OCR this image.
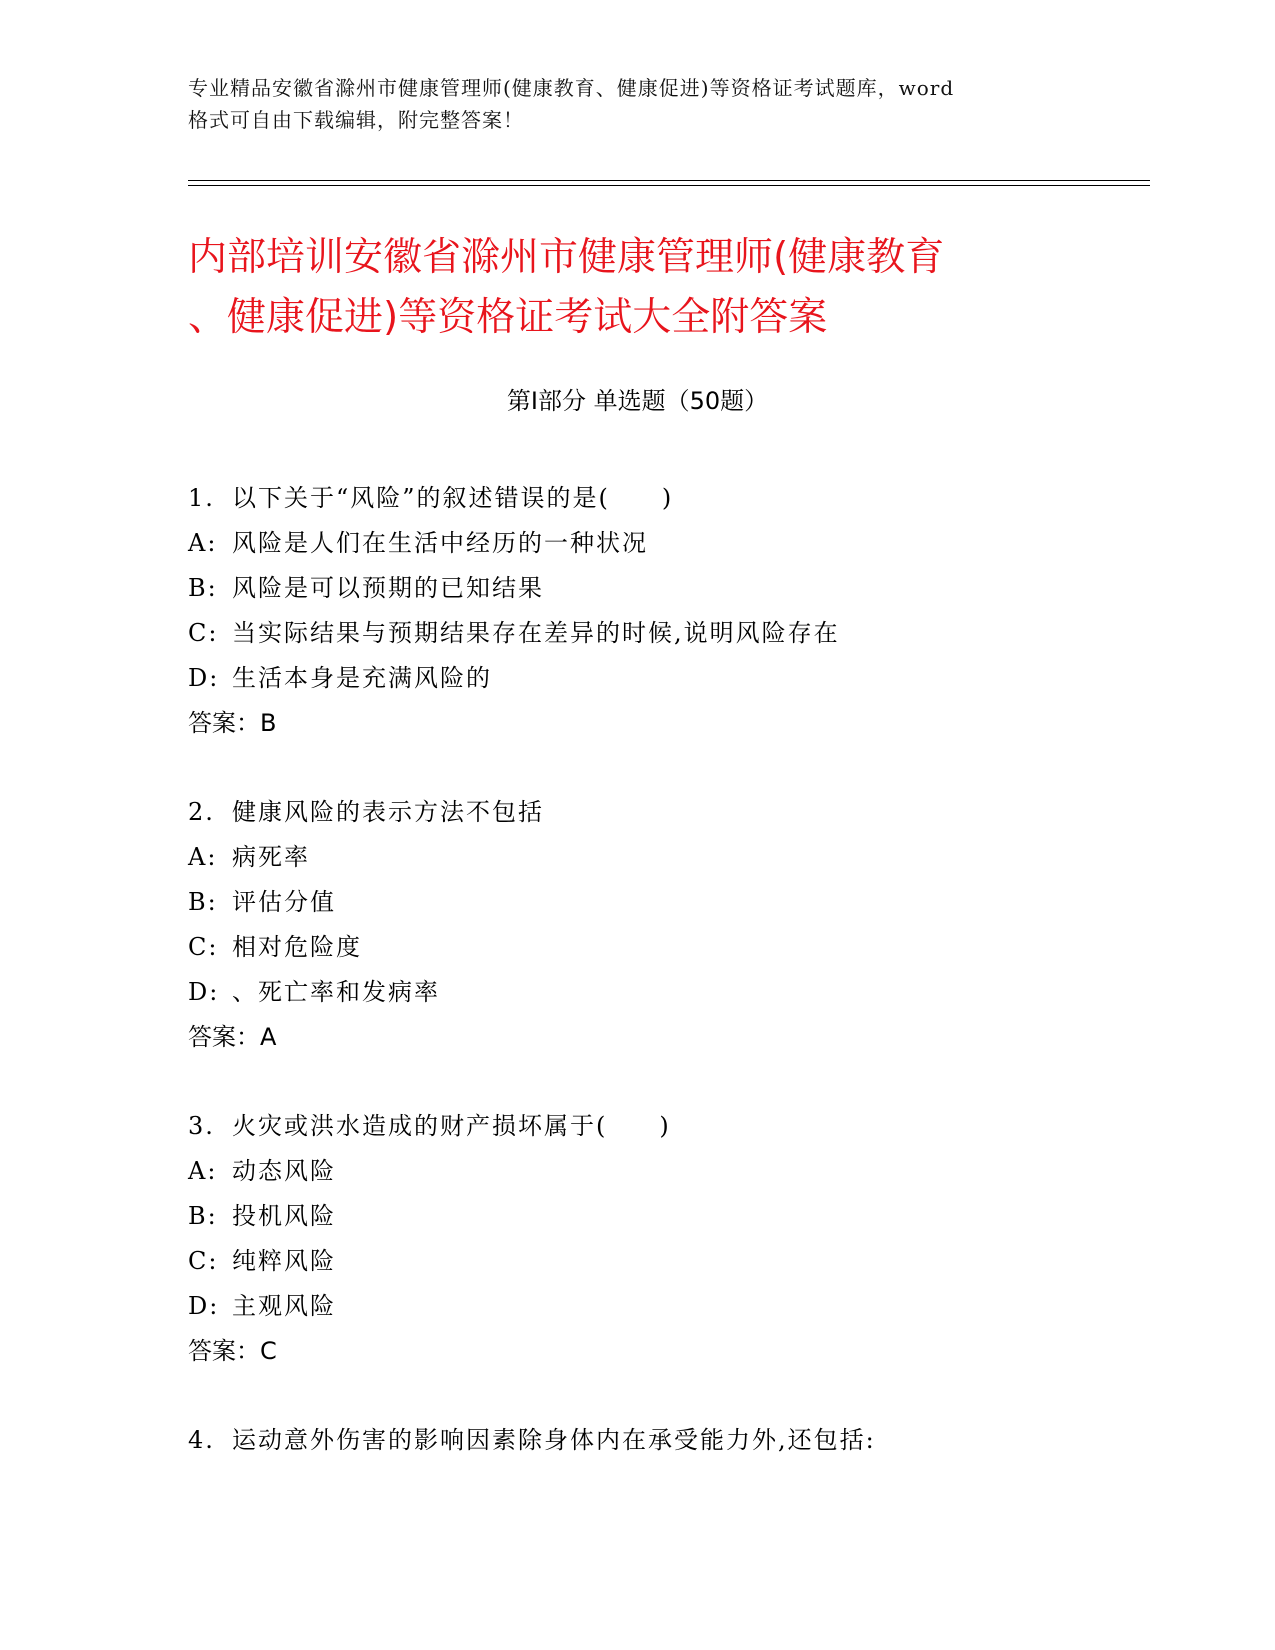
专业精品安徽省滁州市健康管理师(健康教育、健康促进)等资格证考试题库，word
格式可自由下载编辑，附完整答案！
内部培训安徽省滁州市健康管理师(健康教育
、健康促进)等资格证考试大全附答案
第Ⅰ部分 单选题（50题）
1. 以下关于“风险”的叙述错误的是(　　)
A: 风险是人们在生活中经历的一种状况
B: 风险是可以预期的已知结果
C: 当实际结果与预期结果存在差异的时候,说明风险存在
D: 生活本身是充满风险的
答案：B
2. 健康风险的表示方法不包括
A: 病死率
B: 评估分值
C: 相对危险度
D: 、死亡率和发病率
答案：A
3. 火灾或洪水造成的财产损坏属于(　　)
A: 动态风险
B: 投机风险
C: 纯粹风险
D: 主观风险
答案：C
4. 运动意外伤害的影响因素除身体内在承受能力外,还包括:
